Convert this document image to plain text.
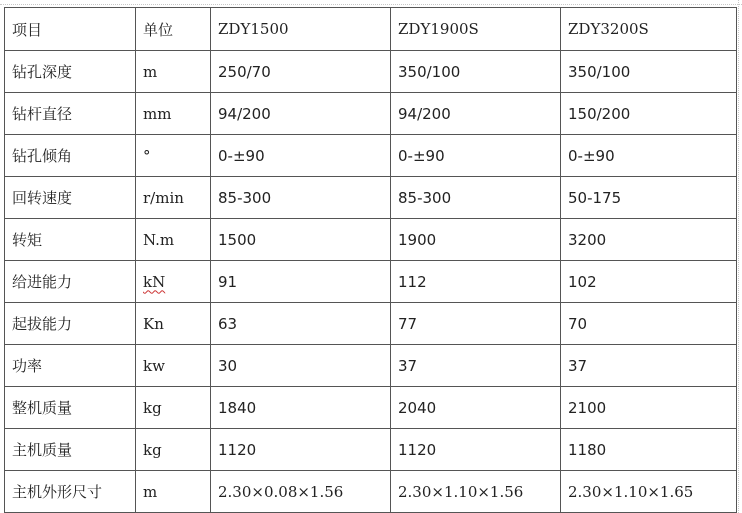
项目	单位	ZDY1500	ZDY1900S	ZDY3200S
钻孔深度	m	250/70	350/100	350/100
钻杆直径	mm	94/200	94/200	150/200
钻孔倾角	°	0-±90	0-±90	0-±90
回转速度	r/min	85-300	85-300	50-175
转矩	N.m	1500	1900	3200
给进能力	kN	91	112	102
起拔能力	Kn	63	77	70
功率	kw	30	37	37
整机质量	kg	1840	2040	2100
主机质量	kg	1120	1120	1180
主机外形尺寸	m	2.30×0.08×1.56	2.30×1.10×1.56	2.30×1.10×1.65
